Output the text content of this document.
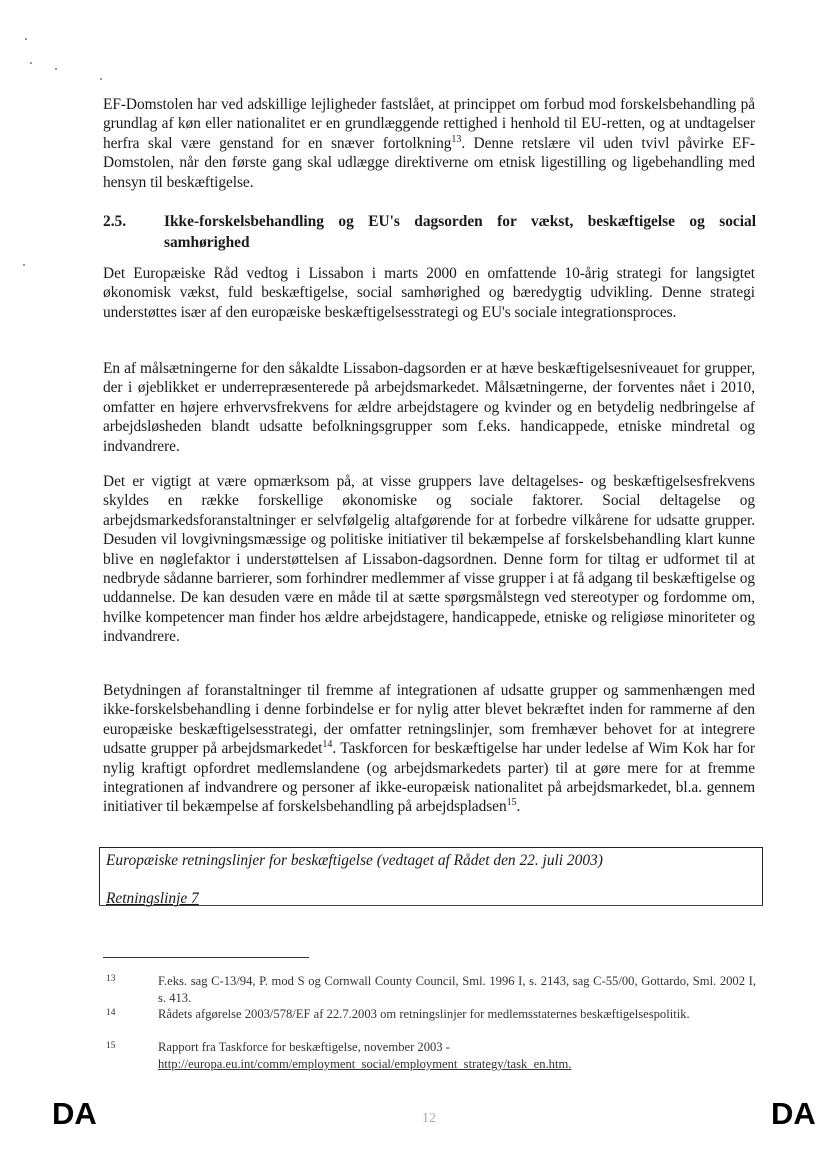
EF-Domstolen har ved adskillige lejligheder fastslået, at princippet om forbud mod forskelsbehandling på grundlag af køn eller nationalitet er en grundlæggende rettighed i henhold til EU-retten, og at undtagelser herfra skal være genstand for en snæver fortolkning$^{13}$. Denne retslære vil uden tvivl påvirke EF-Domstolen, når den første gang skal udlægge direktiverne om etnisk ligestilling og ligebehandling med hensyn til beskæftigelse.

2.5. Ikke-forskelsbehandling og EU's dagsorden for vækst, beskæftigelse og social samhørighed

Det Europæiske Råd vedtog i Lissabon i marts 2000 en omfattende 10-årig strategi for langsigtet økonomisk vækst, fuld beskæftigelse, social samhørighed og bæredygtig udvikling. Denne strategi understøttes især af den europæiske beskæftigelsesstrategi og EU's sociale integrationsproces.

En af målsætningerne for den såkaldte Lissabon-dagsorden er at hæve beskæftigelsesniveauet for grupper, der i øjeblikket er underrepræsenterede på arbejdsmarkedet. Målsætningerne, der forventes nået i 2010, omfatter en højere erhvervsfrekvens for ældre arbejdstagere og kvinder og en betydelig nedbringelse af arbejdsløsheden blandt udsatte befolkningsgrupper som f.eks. handicappede, etniske mindretal og indvandrere.

Det er vigtigt at være opmærksom på, at visse gruppers lave deltagelses- og beskæftigelsesfrekvens skyldes en række forskellige økonomiske og sociale faktorer. Social deltagelse og arbejdsmarkedsforanstaltninger er selvfølgelig altafgørende for at forbedre vilkårene for udsatte grupper. Desuden vil lovgivningsmæssige og politiske initiativer til bekæmpelse af forskelsbehandling klart kunne blive en nøglefaktor i understøttelsen af Lissabon-dagsordnen. Denne form for tiltag er udformet til at nedbryde sådanne barrierer, som forhindrer medlemmer af visse grupper i at få adgang til beskæftigelse og uddannelse. De kan desuden være en måde til at sætte spørgsmålstegn ved stereotyper og fordomme om, hvilke kompetencer man finder hos ældre arbejdstagere, handicappede, etniske og religiøse minoriteter og indvandrere.

Betydningen af foranstaltninger til fremme af integrationen af udsatte grupper og sammenhængen med ikke-forskelsbehandling i denne forbindelse er for nylig atter blevet bekræftet inden for rammerne af den europæiske beskæftigelsesstrategi, der omfatter retningslinjer, som fremhæver behovet for at integrere udsatte grupper på arbejdsmarkedet$^{14}$. Taskforcen for beskæftigelse har under ledelse af Wim Kok har for nylig kraftigt opfordret medlemslandene (og arbejdsmarkedets parter) til at gøre mere for at fremme integrationen af indvandrere og personer af ikke-europæisk nationalitet på arbejdsmarkedet, bl.a. gennem initiativer til bekæmpelse af forskelsbehandling på arbejdspladsen$^{15}$.

Europæiske retningslinjer for beskæftigelse (vedtaget af Rådet den 22. juli 2003)
Retningslinje 7
13	F.eks. sag C-13/94, P. mod S og Cornwall County Council, Sml. 1996 I, s. 2143, sag C-55/00, Gottardo, Sml. 2002 I, s. 413.

14	Rådets afgørelse 2003/578/EF af 22.7.2003 om retningslinjer for medlemsstaternes beskæftigelsespolitik.

15	Rapport fra Taskforce for beskæftigelse, november 2003 -
http://europa.eu.int/comm/employment_social/employment_strategy/task_en.htm.

DA	12	DA
